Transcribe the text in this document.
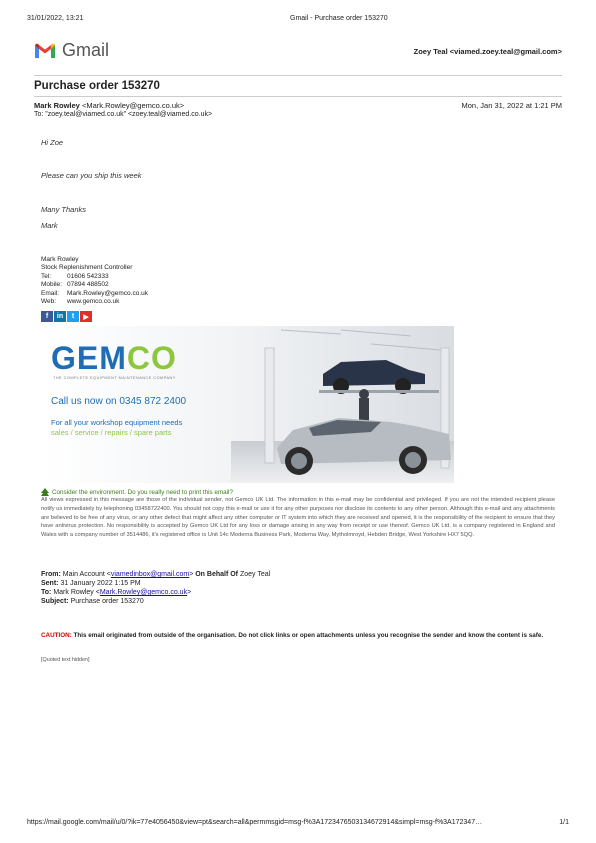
31/01/2022, 13:21	Gmail - Purchase order 153270
Gmail	Zoey Teal <viamed.zoey.teal@gmail.com>
Purchase order 153270
Mark Rowley <Mark.Rowley@gemco.co.uk>	Mon, Jan 31, 2022 at 1:21 PM
To: "zoey.teal@viamed.co.uk" <zoey.teal@viamed.co.uk>
Hi Zoe
Please can you ship this week
Many Thanks
Mark
Mark Rowley
Stock Replenishment Controller
Tel: 01606 542333
Mobile: 07894 488502
Email: Mark.Rowley@gemco.co.uk
Web: www.gemco.co.uk
f	in	t	▶
GEMCO
THE COMPLETE EQUIPMENT MAINTENANCE COMPANY
Call us now on 0345 872 2400
For all your workshop equipment needs
sales / service / repairs / spare parts
Consider the environment. Do you really need to print this email?
All views expressed in this message are those of the individual sender, not Gemco UK Ltd. The information in this e-mail may be confidential and privileged. If you are not the intended recipient please notify us immediately by telephoning 03458722400. You should not copy this e-mail or use it for any other purposes nor disclose its contents to any other person. Although this e-mail and any attachments are believed to be free of any virus, or any other defect that might affect any other computer or IT system into which they are received and opened, it is the responsibility of the recipient to ensure that they have antivirus protection. No responsibility is accepted by Gemco UK Ltd for any loss or damage arising in any way from receipt or use thereof. Gemco UK Ltd. is a company registered in England and Wales with a company number of 3514486, it's registered office is Unit 14c Moderna Business Park, Moderna Way, Mytholmroyd, Hebden Bridge, West Yorkshire HX7 5QQ.
From: Main Account <viamedinbox@gmail.com> On Behalf Of Zoey Teal
Sent: 31 January 2022 1:15 PM
To: Mark Rowley <Mark.Rowley@gemco.co.uk>
Subject: Purchase order 153270
CAUTION: This email originated from outside of the organisation. Do not click links or open attachments unless you recognise the sender and know the content is safe.
[Quoted text hidden]
https://mail.google.com/mail/u/0/?ik=77e4056450&view=pt&search=all&permmsgid=msg-f%3A1723476503134672914&simpl=msg-f%3A172347…	1/1
